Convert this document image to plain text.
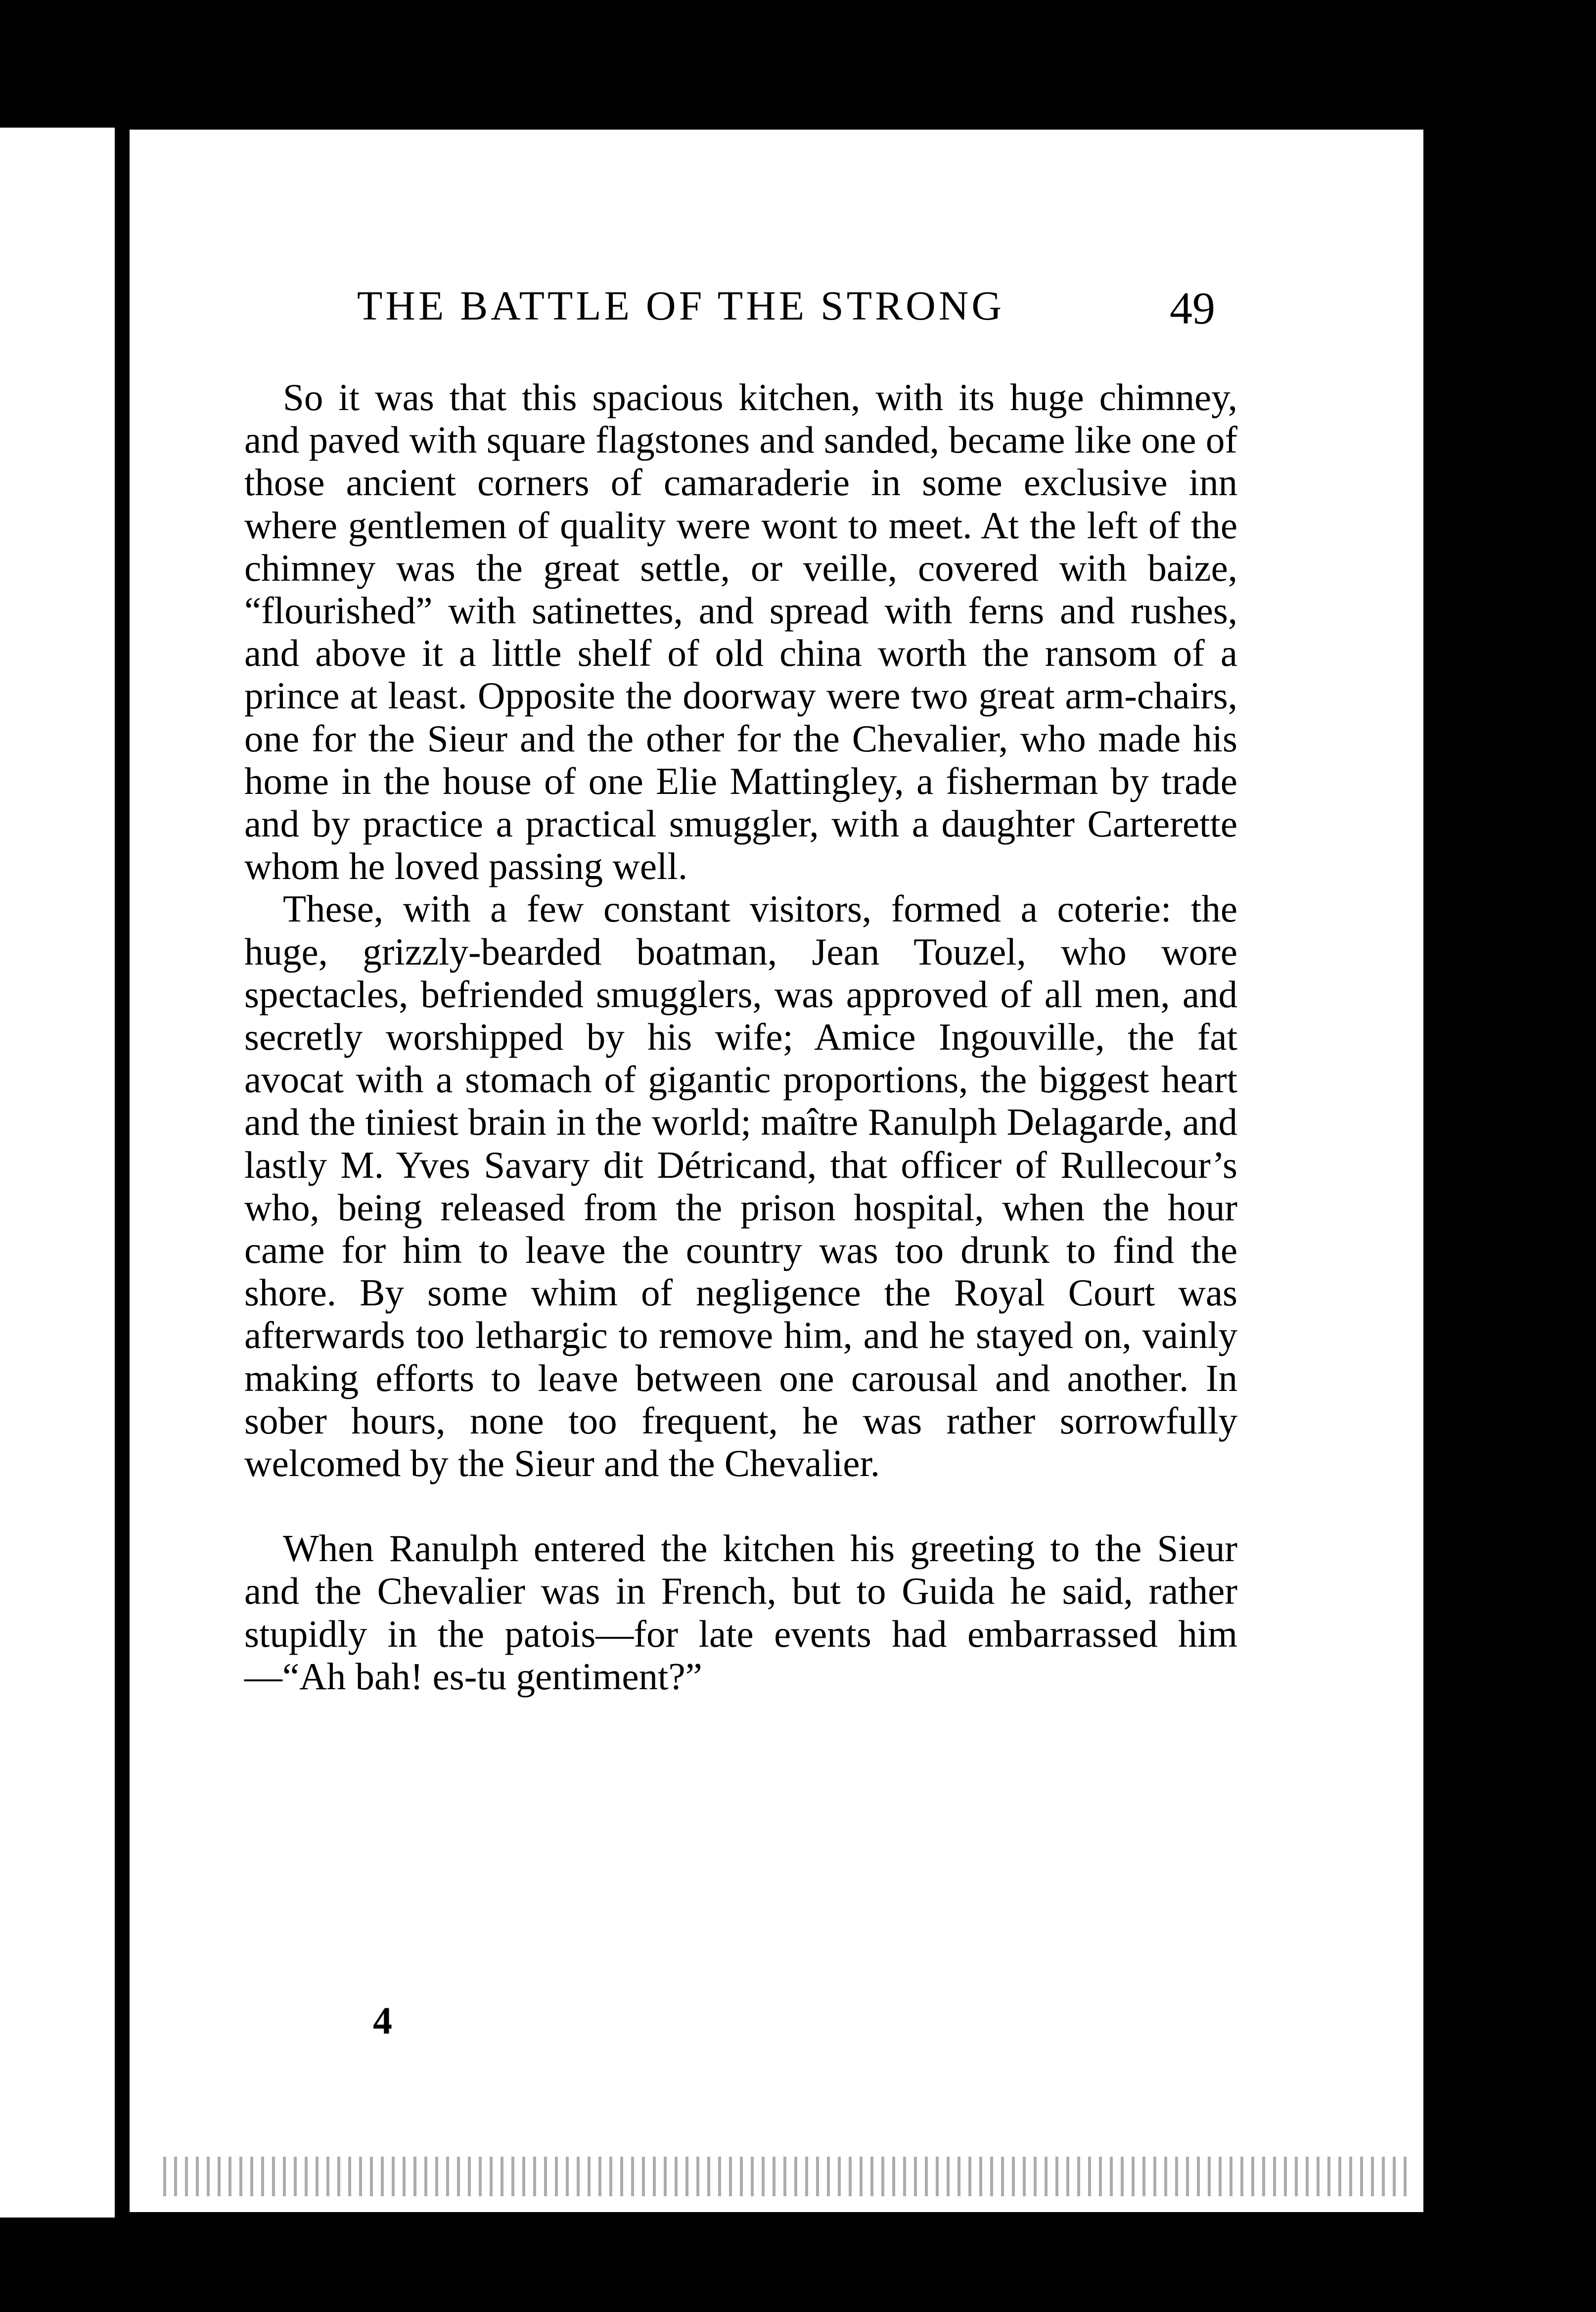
THE BATTLE OF THE STRONG	49

So it was that this spacious kitchen, with its huge chimney, and paved with square flagstones and sanded, became like one of those ancient corners of camaraderie in some exclusive inn where gentlemen of quality were wont to meet. At the left of the chimney was the great settle, or veille, covered with baize, “flourished” with satinettes, and spread with ferns and rushes, and above it a little shelf of old china worth the ransom of a prince at least. Opposite the doorway were two great arm-chairs, one for the Sieur and the other for the Chevalier, who made his home in the house of one Elie Mattingley, a fisherman by trade and by practice a practical smuggler, with a daughter Carterette whom he loved passing well.

These, with a few constant visitors, formed a coterie: the huge, grizzly-bearded boatman, Jean Touzel, who wore spectacles, befriended smugglers, was approved of all men, and secretly worshipped by his wife; Amice Ingouville, the fat avocat with a stomach of gigantic proportions, the biggest heart and the tiniest brain in the world; maître Ranulph Delagarde, and lastly M. Yves Savary dit Détricand, that officer of Rullecour’s who, being released from the prison hospital, when the hour came for him to leave the country was too drunk to find the shore. By some whim of negligence the Royal Court was afterwards too lethargic to remove him, and he stayed on, vainly making efforts to leave between one carousal and another. In sober hours, none too frequent, he was rather sorrowfully welcomed by the Sieur and the Chevalier.

When Ranulph entered the kitchen his greeting to the Sieur and the Chevalier was in French, but to Guida he said, rather stupidly in the patois—for late events had embarrassed him—“Ah bah! es-tu gentiment?”

4
